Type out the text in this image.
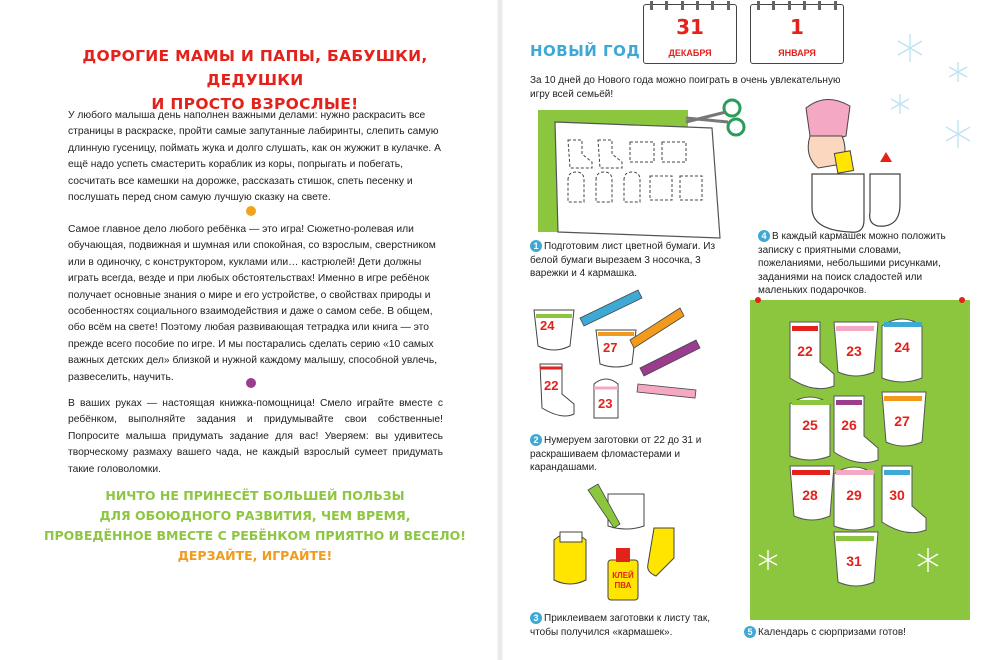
ДОРОГИЕ МАМЫ И ПАПЫ, БАБУШКИ, ДЕДУШКИ
И ПРОСТО ВЗРОСЛЫЕ!

У любого малыша день наполнен важными делами: нужно раскрасить все страницы в раскраске, пройти самые запутанные лабиринты, слепить самую длинную гусеницу, поймать жука и долго слушать, как он жужжит в кулачке. А ещё надо успеть смастерить кораблик из коры, попрыгать и побегать, сосчитать все камешки на дорожке, рассказать стишок, спеть песенку и послушать перед сном самую лучшую сказку на свете.

Самое главное дело любого ребёнка — это игра! Сюжетно-ролевая или обучающая, подвижная и шумная или спокойная, со взрослым, сверстником или в одиночку, с конструктором, куклами или… кастрюлей! Дети должны играть всегда, везде и при любых обстоятельствах! Именно в игре ребёнок получает основные знания о мире и его устройстве, о свойствах природы и особенностях социального взаимодействия и даже о самом себе. В общем, обо всём на свете! Поэтому любая развивающая тетрадка или книга — это прежде всего пособие по игре. И мы постарались сделать серию «10 самых важных детских дел» близкой и нужной каждому малышу, способной увлечь, развеселить, научить.

В ваших руках — настоящая книжка-помощница! Смело играйте вместе с ребёнком, выполняйте задания и придумывайте свои собственные! Попросите малыша придумать задание для вас! Уверяем: вы удивитесь творческому размаху вашего чада, не каждый взрослый сумеет придумать такие головоломки.

НИЧТО НЕ ПРИНЕСЁТ БОЛЬШЕЙ ПОЛЬЗЫ
ДЛЯ ОБОЮДНОГО РАЗВИТИЯ, ЧЕМ ВРЕМЯ,
ПРОВЕДЁННОЕ ВМЕСТЕ С РЕБЁНКОМ ПРИЯТНО И ВЕСЕЛО!
ДЕРЗАЙТЕ, ИГРАЙТЕ!
НОВЫЙ ГОД
31
ДЕКАБРЯ
1
ЯНВАРЯ
За 10 дней до Нового года можно поиграть в очень увлекательную игру всей семьёй!
24
27
22
23
КЛЕЙ
ПВА
22 23 24
25 26	27
28 29 30
31
1 Подготовим лист цветной бумаги. Из белой бумаги вырезаем 3 носочка, 3 варежки и 4 кармашка.
2 Нумеруем заготовки от 22 до 31 и раскрашиваем фломастерами и карандашами.
3 Приклеиваем заготовки к листу так, чтобы получился «кармашек».
4 В каждый кармашек можно положить записку с приятными словами, пожеланиями, небольшими рисунками, заданиями на поиск сладостей или маленьких подарочков.
5 Календарь с сюрпризами готов!
